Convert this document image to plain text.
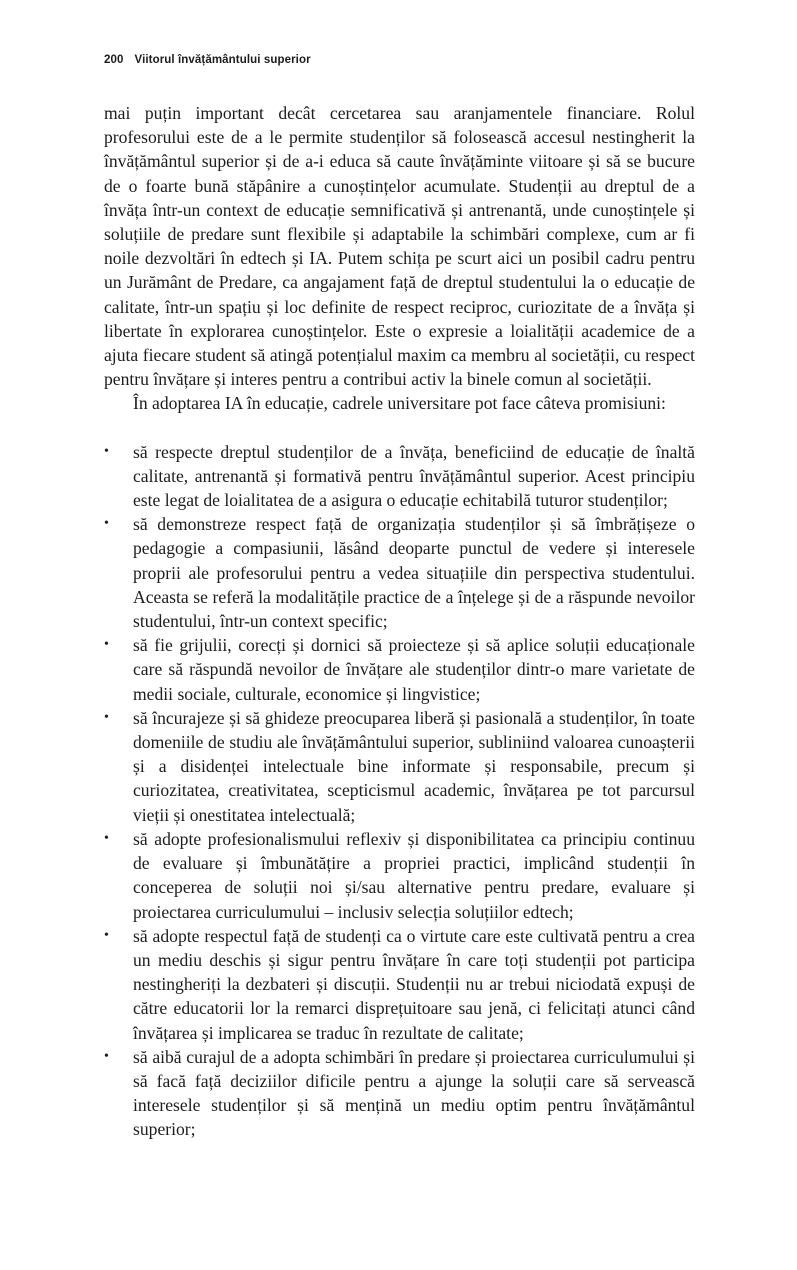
200 Viitorul învățământului superior

mai puțin important decât cercetarea sau aranjamentele financiare. Rolul profesorului este de a le permite studenților să folosească accesul nestingherit la învățământul superior și de a-i educa să caute învățăminte viitoare și să se bucure de o foarte bună stăpânire a cunoștințelor acumulate. Studenții au dreptul de a învăța într-un context de educație semnificativă și antrenantă, unde cunoștințele și soluțiile de predare sunt flexibile și adaptabile la schimbări complexe, cum ar fi noile dezvoltări în edtech și IA. Putem schița pe scurt aici un posibil cadru pentru un Jurământ de Predare, ca angajament față de dreptul studentului la o educație de calitate, într-un spațiu și loc definite de respect reciproc, curiozitate de a învăța și libertate în explorarea cunoștințelor. Este o expresie a loialității academice de a ajuta fiecare student să atingă potențialul maxim ca membru al societății, cu respect pentru învățare și interes pentru a contribui activ la binele comun al societății.

În adoptarea IA în educație, cadrele universitare pot face câteva promisiuni:

• să respecte dreptul studenților de a învăța, beneficiind de educație de înaltă calitate, antrenantă și formativă pentru învățământul superior. Acest principiu este legat de loialitatea de a asigura o educație echitabilă tuturor studenților;
• să demonstreze respect față de organizația studenților și să îmbrățișeze o pedagogie a compasiunii, lăsând deoparte punctul de vedere și interesele proprii ale profesorului pentru a vedea situațiile din perspectiva studentului. Aceasta se referă la modalitățile practice de a înțelege și de a răspunde nevoilor studentului, într-un context specific;
• să fie grijulii, corecți și dornici să proiecteze și să aplice soluții educaționale care să răspundă nevoilor de învățare ale studenților dintr-o mare varietate de medii sociale, culturale, economice și lingvistice;
• să încurajeze și să ghideze preocuparea liberă și pasională a studenților, în toate domeniile de studiu ale învățământului superior, subliniind valoarea cunoașterii și a disidenței intelectuale bine informate și responsabile, precum și curiozitatea, creativitatea, scepticismul academic, învățarea pe tot parcursul vieții și onestitatea intelectuală;
• să adopte profesionalismului reflexiv și disponibilitatea ca principiu continuu de evaluare și îmbunătățire a propriei practici, implicând studenții în conceperea de soluții noi și/sau alternative pentru predare, evaluare și proiectarea curriculumului – inclusiv selecția soluțiilor edtech;
• să adopte respectul față de studenți ca o virtute care este cultivată pentru a crea un mediu deschis și sigur pentru învățare în care toți studenții pot participa nestingheriți la dezbateri și discuții. Studenții nu ar trebui niciodată expuși de către educatorii lor la remarci disprețuitoare sau jenă, ci felicitați atunci când învățarea și implicarea se traduc în rezultate de calitate;
• să aibă curajul de a adopta schimbări în predare și proiectarea curriculumului și să facă față deciziilor dificile pentru a ajunge la soluții care să servească interesele studenților și să mențină un mediu optim pentru învățământul superior;
